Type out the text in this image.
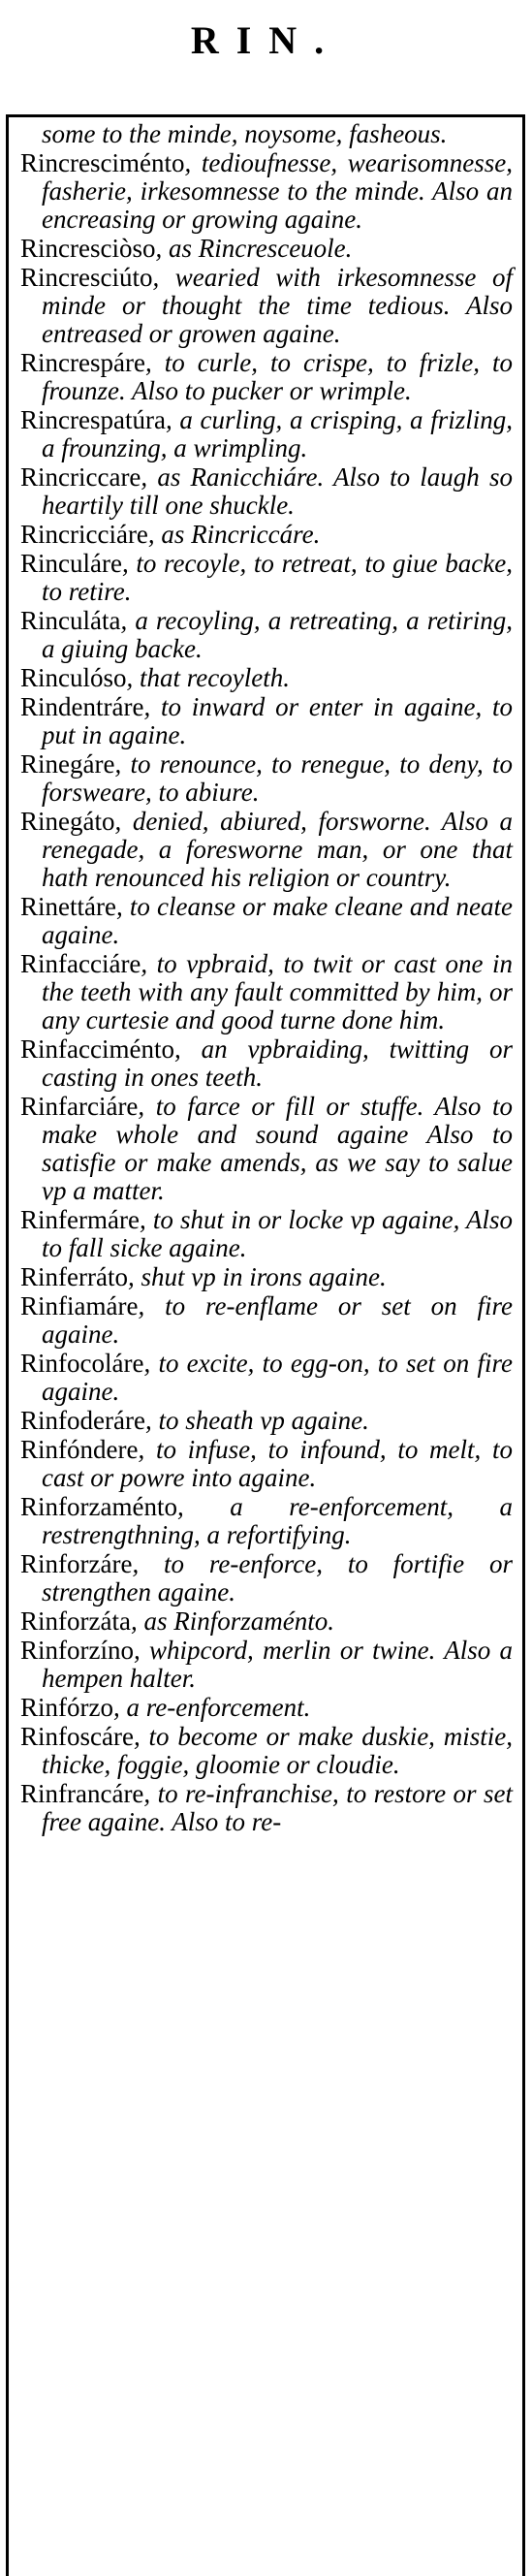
RIN.

some to the minde, noysome, fasheous.

Rincresciménto, tedioufnesse, wearisomnesse, fasherie, irkesomnesse to the minde. Also an encreasing or growing againe.

Rincresciòso, as Rincresceuole.

Rincresciúto, wearied with irkesomnesse of minde or thought the time tedious. Also entreased or growen againe.

Rincrespáre, to curle, to crispe, to frizle, to frounze. Also to pucker or wrimple.

Rincrespatúra, a curling, a crisping, a frizling, a frounzing, a wrimpling.

Rincriccare, as Ranicchiáre. Also to laugh so heartily till one shuckle.

Rincricciáre, as Rincriccáre.

Rinculáre, to recoyle, to retreat, to giue backe, to retire.

Rinculáta, a recoyling, a retreating, a retiring, a giuing backe.

Rinculóso, that recoyleth.

Rindentráre, to inward or enter in againe, to put in againe.

Rinegáre, to renounce, to renegue, to deny, to forsweare, to abiure.

Rinegáto, denied, abiured, forsworne. Also a renegade, a foresworne man, or one that hath renounced his religion or country.

Rinettáre, to cleanse or make cleane and neate againe.

Rinfacciáre, to vpbraid, to twit or cast one in the teeth with any fault committed by him, or any curtesie and good turne done him.

Rinfacciménto, an vpbraiding, twitting or casting in ones teeth.

Rinfarciáre, to farce or fill or stuffe. Also to make whole and sound againe Also to satisfie or make amends, as we say to salue vp a matter.

Rinfermáre, to shut in or locke vp againe, Also to fall sicke againe.

Rinferráto, shut vp in irons againe.

Rinfiamáre, to re-enflame or set on fire againe.

Rinfocoláre, to excite, to egg-on, to set on fire againe.

Rinfoderáre, to sheath vp againe.

Rinfóndere, to infuse, to infound, to melt, to cast or powre into againe.

Rinforzaménto, a re-enforcement, a restrengthning, a refortifying.

Rinforzáre, to re-enforce, to fortifie or strengthen againe.

Rinforzáta, as Rinforzaménto.

Rinforzíno, whipcord, merlin or twine. Also a hempen halter.

Rinfórzo, a re-enforcement.

Rinfoscáre, to become or make duskie, mistie, thicke, foggie, gloomie or cloudie.

Rinfrancáre, to re-infranchise, to restore or set free againe. Also to re-
